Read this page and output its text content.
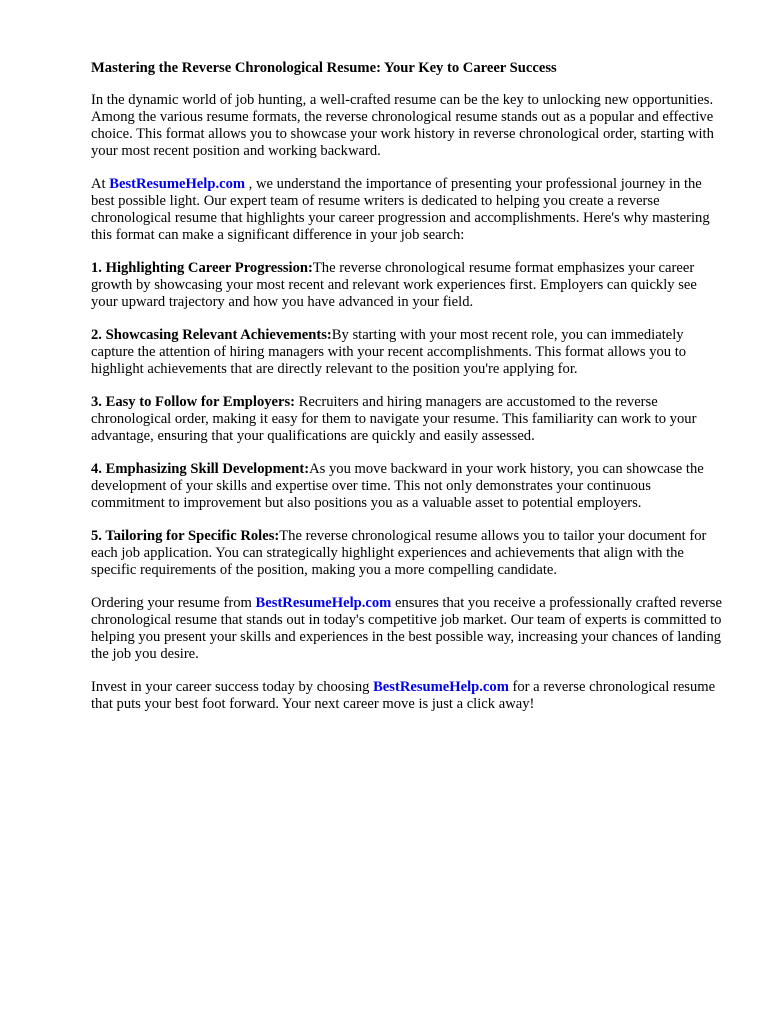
Mastering the Reverse Chronological Resume: Your Key to Career Success

In the dynamic world of job hunting, a well-crafted resume can be the key to unlocking new opportunities. Among the various resume formats, the reverse chronological resume stands out as a popular and effective choice. This format allows you to showcase your work history in reverse chronological order, starting with your most recent position and working backward.

At BestResumeHelp.com , we understand the importance of presenting your professional journey in the best possible light. Our expert team of resume writers is dedicated to helping you create a reverse chronological resume that highlights your career progression and accomplishments. Here's why mastering this format can make a significant difference in your job search:

1. Highlighting Career Progression:The reverse chronological resume format emphasizes your career growth by showcasing your most recent and relevant work experiences first. Employers can quickly see your upward trajectory and how you have advanced in your field.

2. Showcasing Relevant Achievements:By starting with your most recent role, you can immediately capture the attention of hiring managers with your recent accomplishments. This format allows you to highlight achievements that are directly relevant to the position you're applying for.

3. Easy to Follow for Employers: Recruiters and hiring managers are accustomed to the reverse chronological order, making it easy for them to navigate your resume. This familiarity can work to your advantage, ensuring that your qualifications are quickly and easily assessed.

4. Emphasizing Skill Development:As you move backward in your work history, you can showcase the development of your skills and expertise over time. This not only demonstrates your continuous commitment to improvement but also positions you as a valuable asset to potential employers.

5. Tailoring for Specific Roles:The reverse chronological resume allows you to tailor your document for each job application. You can strategically highlight experiences and achievements that align with the specific requirements of the position, making you a more compelling candidate.

Ordering your resume from BestResumeHelp.com ensures that you receive a professionally crafted reverse chronological resume that stands out in today's competitive job market. Our team of experts is committed to helping you present your skills and experiences in the best possible way, increasing your chances of landing the job you desire.

Invest in your career success today by choosing BestResumeHelp.com for a reverse chronological resume that puts your best foot forward. Your next career move is just a click away!
